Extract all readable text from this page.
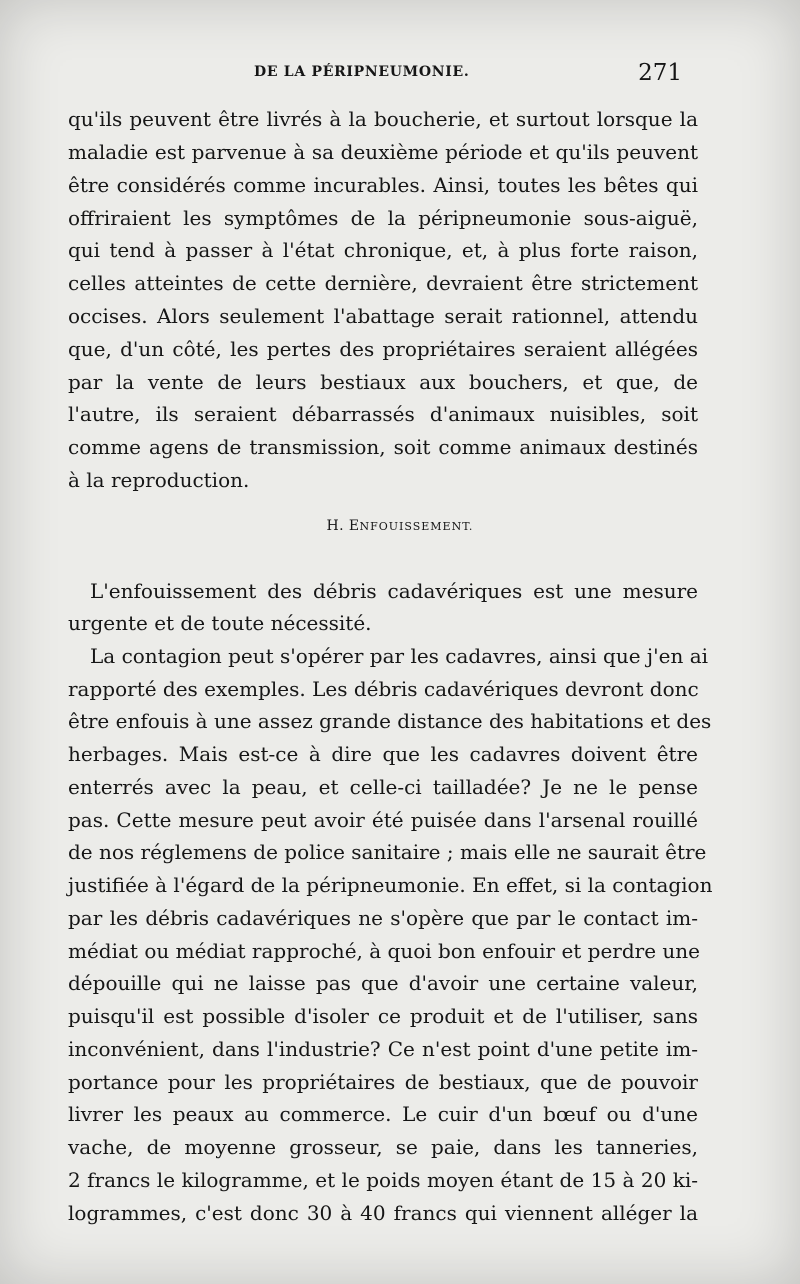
DE LA PÉRIPNEUMONIE.	271
qu'ils peuvent être livrés à la boucherie, et surtout lorsque la
maladie est parvenue à sa deuxième période et qu'ils peuvent
être considérés comme incurables. Ainsi, toutes les bêtes qui
offriraient les symptômes de la péripneumonie sous-aiguë,
qui tend à passer à l'état chronique, et, à plus forte raison,
celles atteintes de cette dernière, devraient être strictement
occises. Alors seulement l'abattage serait rationnel, attendu
que, d'un côté, les pertes des propriétaires seraient allégées
par la vente de leurs bestiaux aux bouchers, et que, de
l'autre, ils seraient débarrassés d'animaux nuisibles, soit
comme agens de transmission, soit comme animaux destinés
à la reproduction.
H. ENFOUISSEMENT.
L'enfouissement des débris cadavériques est une mesure
urgente et de toute nécessité.
La contagion peut s'opérer par les cadavres, ainsi que j'en ai
rapporté des exemples. Les débris cadavériques devront donc
être enfouis à une assez grande distance des habitations et des
herbages. Mais est-ce à dire que les cadavres doivent être
enterrés avec la peau, et celle-ci tailladée? Je ne le pense
pas. Cette mesure peut avoir été puisée dans l'arsenal rouillé
de nos réglemens de police sanitaire ; mais elle ne saurait être
justifiée à l'égard de la péripneumonie. En effet, si la contagion
par les débris cadavériques ne s'opère que par le contact im-
médiat ou médiat rapproché, à quoi bon enfouir et perdre une
dépouille qui ne laisse pas que d'avoir une certaine valeur,
puisqu'il est possible d'isoler ce produit et de l'utiliser, sans
inconvénient, dans l'industrie? Ce n'est point d'une petite im-
portance pour les propriétaires de bestiaux, que de pouvoir
livrer les peaux au commerce. Le cuir d'un bœuf ou d'une
vache, de moyenne grosseur, se paie, dans les tanneries,
2 francs le kilogramme, et le poids moyen étant de 15 à 20 ki-
logrammes, c'est donc 30 à 40 francs qui viennent alléger la
